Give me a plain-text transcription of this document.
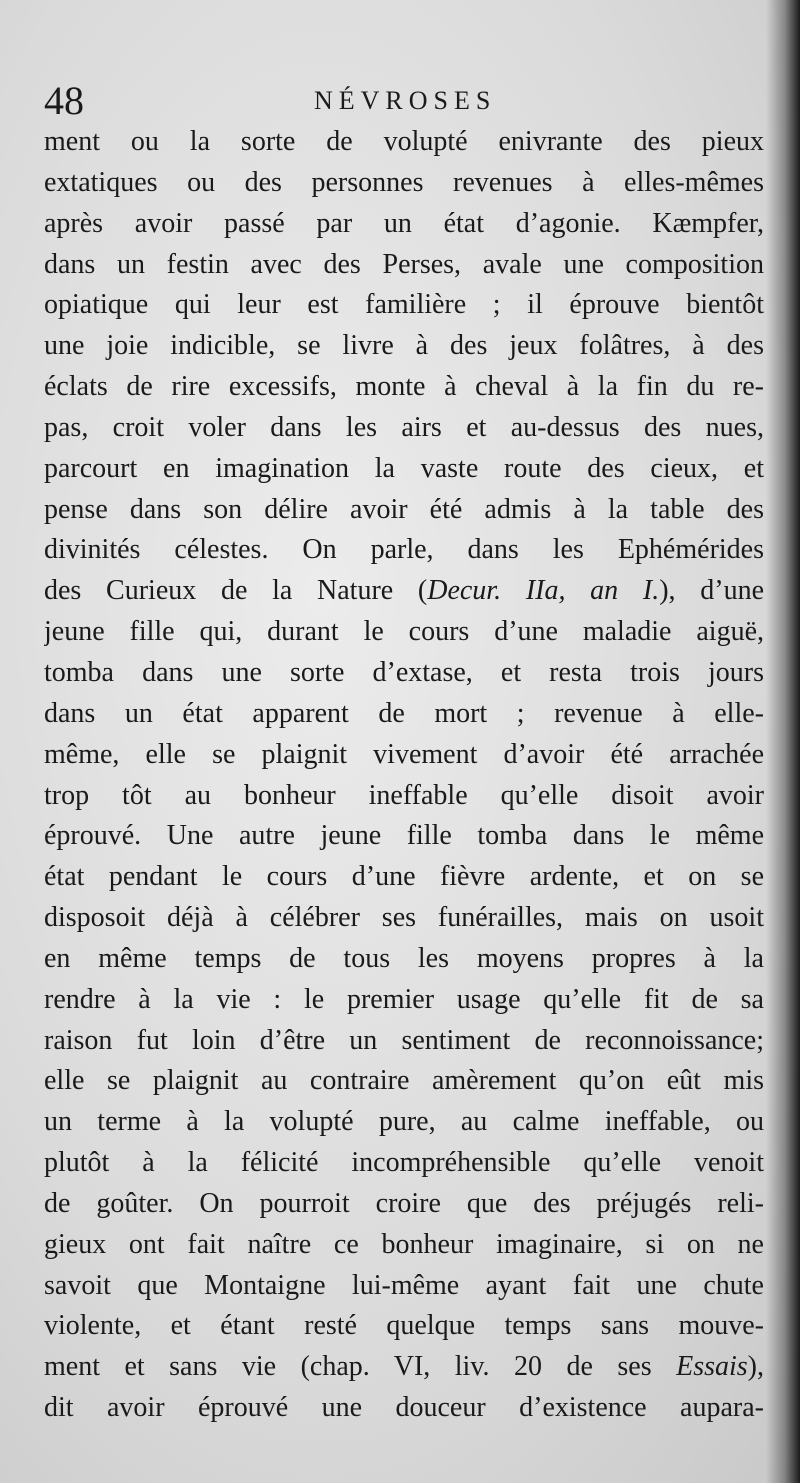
48	NÉVROSES
ment ou la sorte de volupté enivrante des pieux
extatiques ou des personnes revenues à elles-mêmes
après avoir passé par un état d’agonie. Kæmpfer,
dans un festin avec des Perses, avale une composition
opiatique qui leur est familière ; il éprouve bientôt
une joie indicible, se livre à des jeux folâtres, à des
éclats de rire excessifs, monte à cheval à la fin du re-
pas, croit voler dans les airs et au-dessus des nues,
parcourt en imagination la vaste route des cieux, et
pense dans son délire avoir été admis à la table des
divinités célestes. On parle, dans les Ephémérides
des Curieux de la Nature (Decur. IIa, an I.), d’une
jeune fille qui, durant le cours d’une maladie aiguë,
tomba dans une sorte d’extase, et resta trois jours
dans un état apparent de mort ; revenue à elle-
même, elle se plaignit vivement d’avoir été arrachée
trop tôt au bonheur ineffable qu’elle disoit avoir
éprouvé. Une autre jeune fille tomba dans le même
état pendant le cours d’une fièvre ardente, et on se
disposoit déjà à célébrer ses funérailles, mais on usoit
en même temps de tous les moyens propres à la
rendre à la vie : le premier usage qu’elle fit de sa
raison fut loin d’être un sentiment de reconnoissance;
elle se plaignit au contraire amèrement qu’on eût mis
un terme à la volupté pure, au calme ineffable, ou
plutôt à la félicité incompréhensible qu’elle venoit
de goûter. On pourroit croire que des préjugés reli-
gieux ont fait naître ce bonheur imaginaire, si on ne
savoit que Montaigne lui-même ayant fait une chute
violente, et étant resté quelque temps sans mouve-
ment et sans vie (chap. VI, liv. 20 de ses Essais),
dit avoir éprouvé une douceur d’existence aupara-
